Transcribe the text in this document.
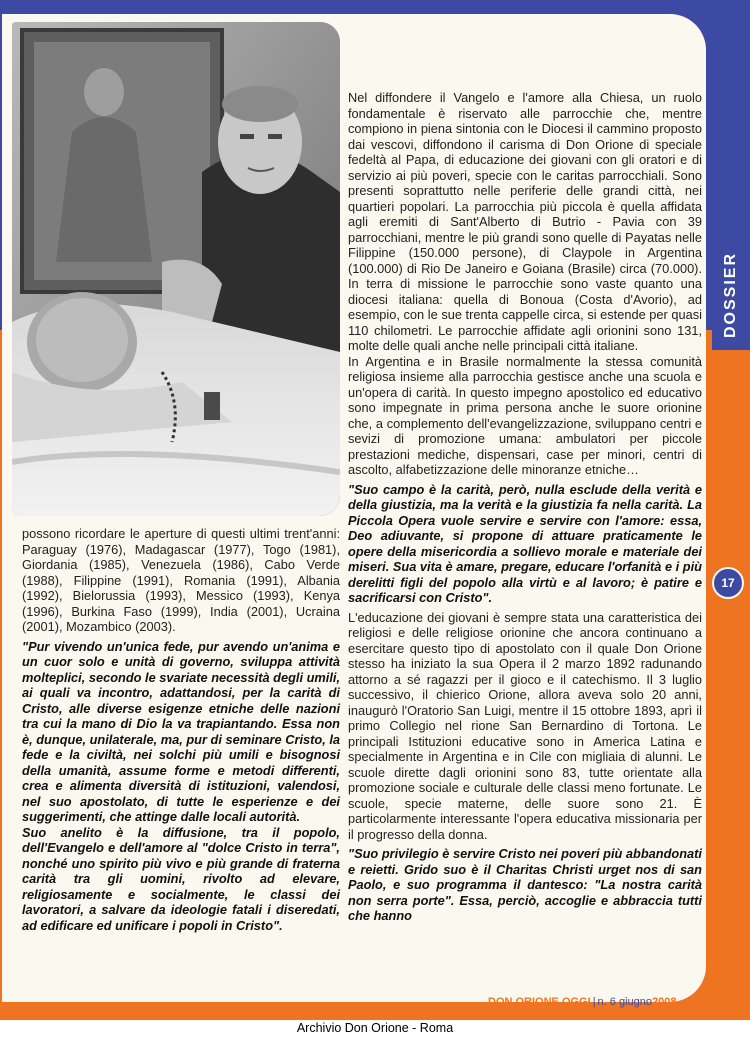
DOSSIER

Nel diffondere il Vangelo e l'amore alla Chiesa, un ruolo fondamentale è riservato alle parrocchie che, mentre compiono in piena sintonia con le Diocesi il cammino proposto dai vescovi, diffondono il carisma di Don Orione di speciale fedeltà al Papa, di educazione dei giovani con gli oratori e di servizio ai più poveri, specie con le caritas parrocchiali. Sono presenti soprattutto nelle periferie delle grandi città, nei quartieri popolari. La parrocchia più piccola è quella affidata agli eremiti di Sant'Alberto di Butrio - Pavia con 39 parrocchiani, mentre le più grandi sono quelle di Payatas nelle Filippine (150.000 persone), di Claypole in Argentina (100.000) di Rio De Janeiro e Goiana (Brasile) circa (70.000). In terra di missione le parrocchie sono vaste quanto una diocesi italiana: quella di Bonoua (Costa d'Avorio), ad esempio, con le sue trenta cappelle circa, si estende per quasi 110 chilometri. Le parrocchie affidate agli orionini sono 131, molte delle quali anche nelle principali città italiane.

In Argentina e in Brasile normalmente la stessa comunità religiosa insieme alla parrocchia gestisce anche una scuola e un'opera di carità. In questo impegno apostolico ed educativo sono impegnate in prima persona anche le suore orionine che, a complemento dell'evangelizzazione, sviluppano centri e sevizi di promozione umana: ambulatori per piccole prestazioni mediche, dispensari, case per minori, centri di ascolto, alfabetizzazione delle minoranze etniche…

"Suo campo è la carità, però, nulla esclude della verità e della giustizia, ma la verità e la giustizia fa nella carità. La Piccola Opera vuole servire e servire con l'amore: essa, Deo adiuvante, si propone di attuare praticamente le opere della misericordia a sollievo morale e materiale dei miseri. Sua vita è amare, pregare, educare l'orfanità e i più derelitti figli del popolo alla virtù e al lavoro; è patire e sacrificarsi con Cristo".

L'educazione dei giovani è sempre stata una caratteristica dei religiosi e delle religiose orionine che ancora continuano a esercitare questo tipo di apostolato con il quale Don Orione stesso ha iniziato la sua Opera il 2 marzo 1892 radunando attorno a sé ragazzi per il gioco e il catechismo. Il 3 luglio successivo, il chierico Orione, allora aveva solo 20 anni, inaugurò l'Oratorio San Luigi, mentre il 15 ottobre 1893, aprì il primo Collegio nel rione San Bernardino di Tortona. Le principali Istituzioni educative sono in America Latina e specialmente in Argentina e in Cile con migliaia di alunni. Le scuole dirette dagli orionini sono 83, tutte orientate alla promozione sociale e culturale delle classi meno fortunate. Le scuole, specie materne, delle suore sono 21. È particolarmente interessante l'opera educativa missionaria per il progresso della donna.

"Suo privilegio è servire Cristo nei poveri più abbandonati e reietti. Grido suo è il Charitas Christi urget nos di san Paolo, e suo programma il dantesco: "La nostra carità non serra porte". Essa, perciò, accoglie e abbraccia tutti che hanno

possono ricordare le aperture di questi ultimi trent'anni: Paraguay (1976), Madagascar (1977), Togo (1981), Giordania (1985), Venezuela (1986), Cabo Verde (1988), Filippine (1991), Romania (1991), Albania (1992), Bielorussia (1993), Messico (1993), Kenya (1996), Burkina Faso (1999), India (2001), Ucraina (2001), Mozambico (2003).

"Pur vivendo un'unica fede, pur avendo un'anima e un cuor solo e unità di governo, sviluppa attività molteplici, secondo le svariate necessità degli umili, ai quali va incontro, adattandosi, per la carità di Cristo, alle diverse esigenze etniche delle nazioni tra cui la mano di Dio la va trapiantando. Essa non è, dunque, unilaterale, ma, pur di seminare Cristo, la fede e la civiltà, nei solchi più umili e bisognosi della umanità, assume forme e metodi differenti, crea e alimenta diversità di istituzioni, valendosi, nel suo apostolato, di tutte le esperienze e dei suggerimenti, che attinge dalle locali autorità.

Suo anelito è la diffusione, tra il popolo, dell'Evangelo e dell'amore al "dolce Cristo in terra", nonché uno spirito più vivo e più grande di fraterna carità tra gli uomini, rivolto ad elevare, religiosamente e socialmente, le classi dei lavoratori, a salvare da ideologie fatali i diseredati, ad edificare ed unificare i popoli in Cristo".

17
DON ORIONE OGGI | n. 6 giugno2008
Archivio Don Orione - Roma
